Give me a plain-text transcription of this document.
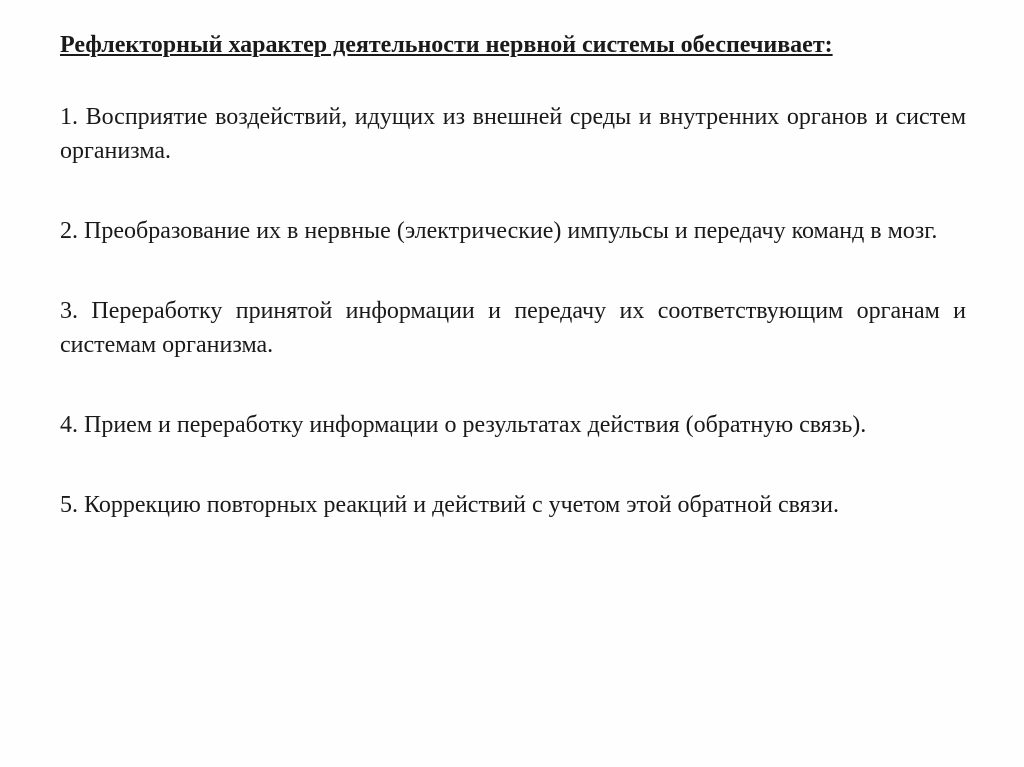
Рефлекторный характер деятельности нервной системы обеспечивает:

1. Восприятие воздействий, идущих из внешней среды и внутренних органов и систем организма.

2. Преобразование их в нервные (электрические) импульсы и передачу команд в мозг.

3. Переработку принятой информации и передачу их соответствующим органам и системам организма.

4. Прием и переработку информации о результатах действия (обратную связь).

5. Коррекцию повторных реакций и действий с учетом этой обратной связи.
